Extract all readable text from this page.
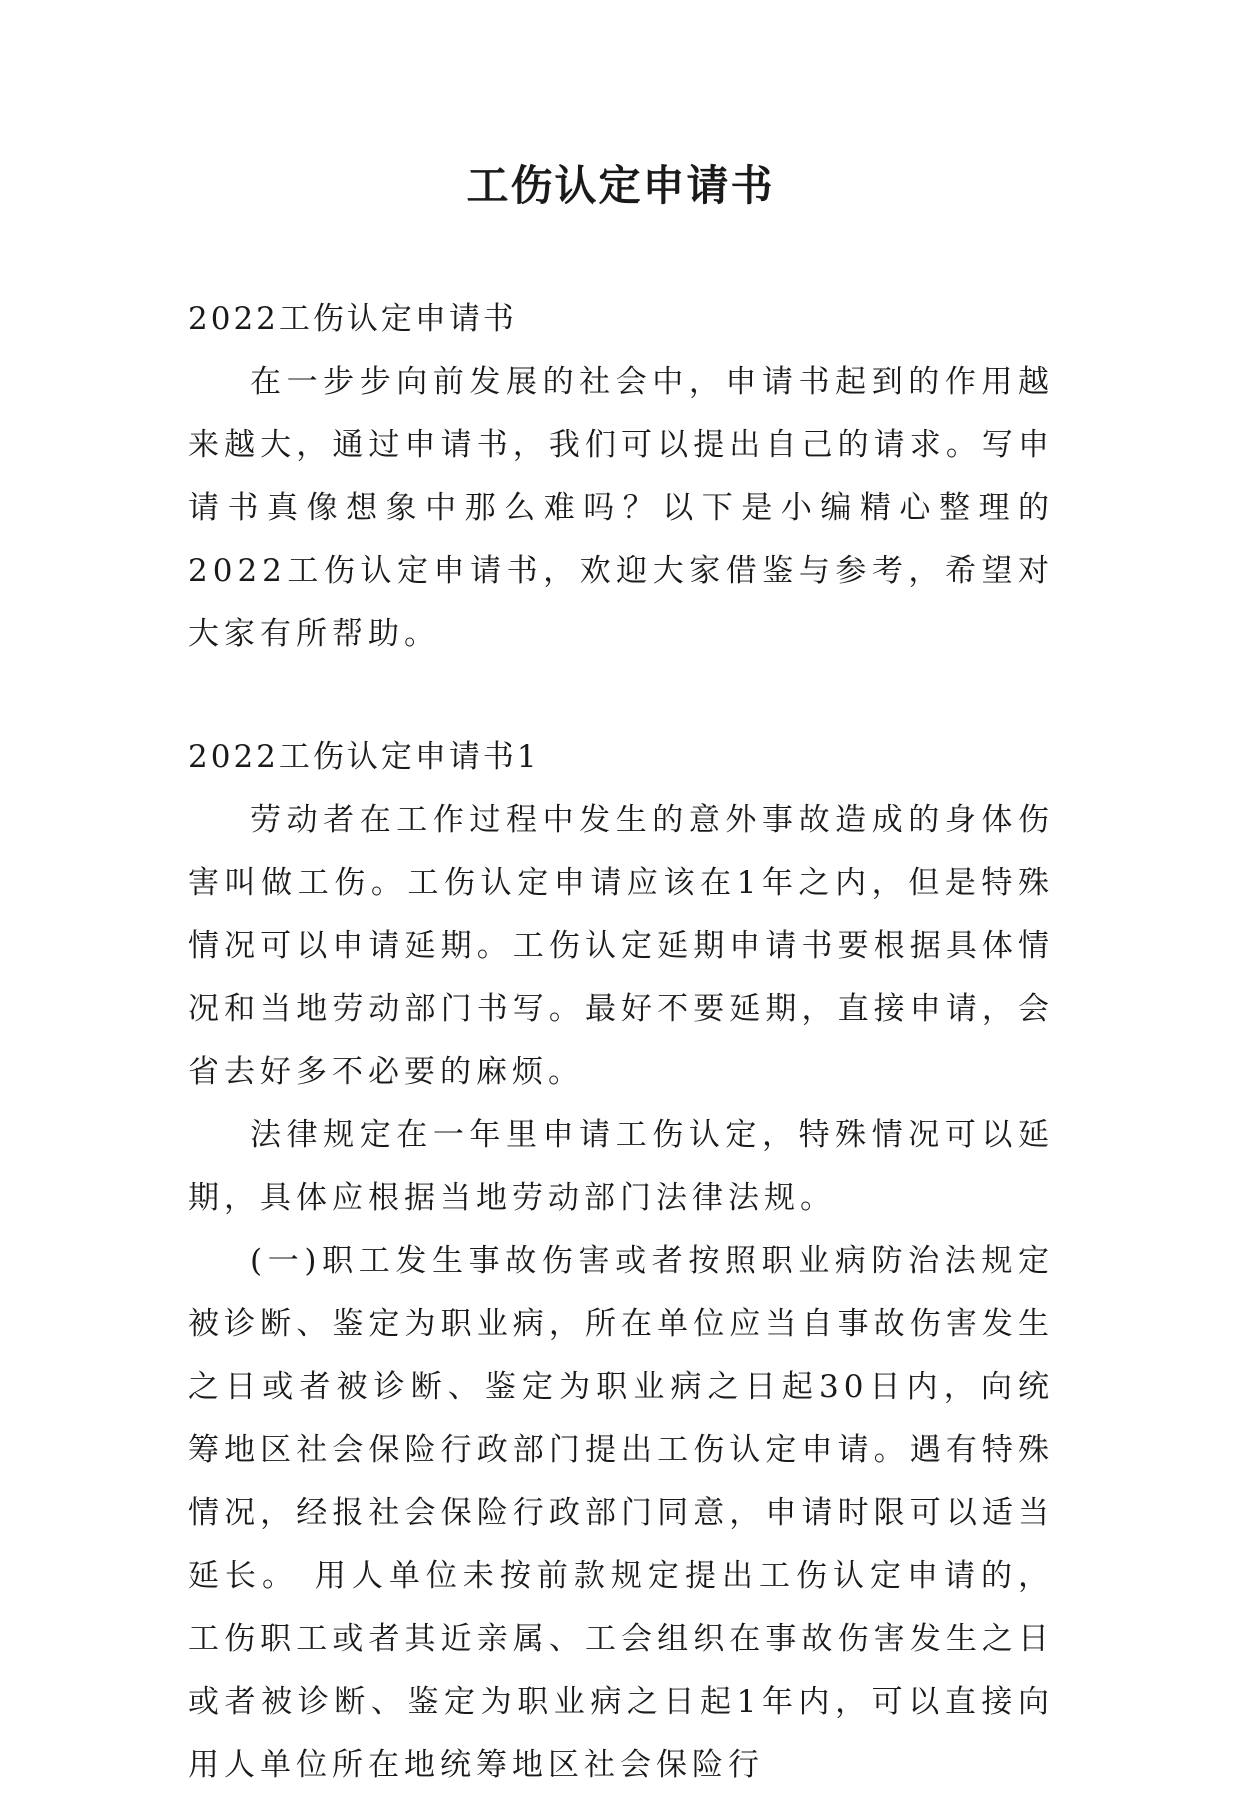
工伤认定申请书

2022工伤认定申请书

在一步步向前发展的社会中，申请书起到的作用越来越大，通过申请书，我们可以提出自己的请求。写申请书真像想象中那么难吗？以下是小编精心整理的2022工伤认定申请书，欢迎大家借鉴与参考，希望对大家有所帮助。

2022工伤认定申请书1

劳动者在工作过程中发生的意外事故造成的身体伤害叫做工伤。工伤认定申请应该在1年之内，但是特殊情况可以申请延期。工伤认定延期申请书要根据具体情况和当地劳动部门书写。最好不要延期，直接申请，会省去好多不必要的麻烦。

法律规定在一年里申请工伤认定，特殊情况可以延期，具体应根据当地劳动部门法律法规。

(一)职工发生事故伤害或者按照职业病防治法规定被诊断、鉴定为职业病，所在单位应当自事故伤害发生之日或者被诊断、鉴定为职业病之日起30日内，向统筹地区社会保险行政部门提出工伤认定申请。遇有特殊情况，经报社会保险行政部门同意，申请时限可以适当延长。 用人单位未按前款规定提出工伤认定申请的，工伤职工或者其近亲属、工会组织在事故伤害发生之日或者被诊断、鉴定为职业病之日起1年内，可以直接向用人单位所在地统筹地区社会保险行
